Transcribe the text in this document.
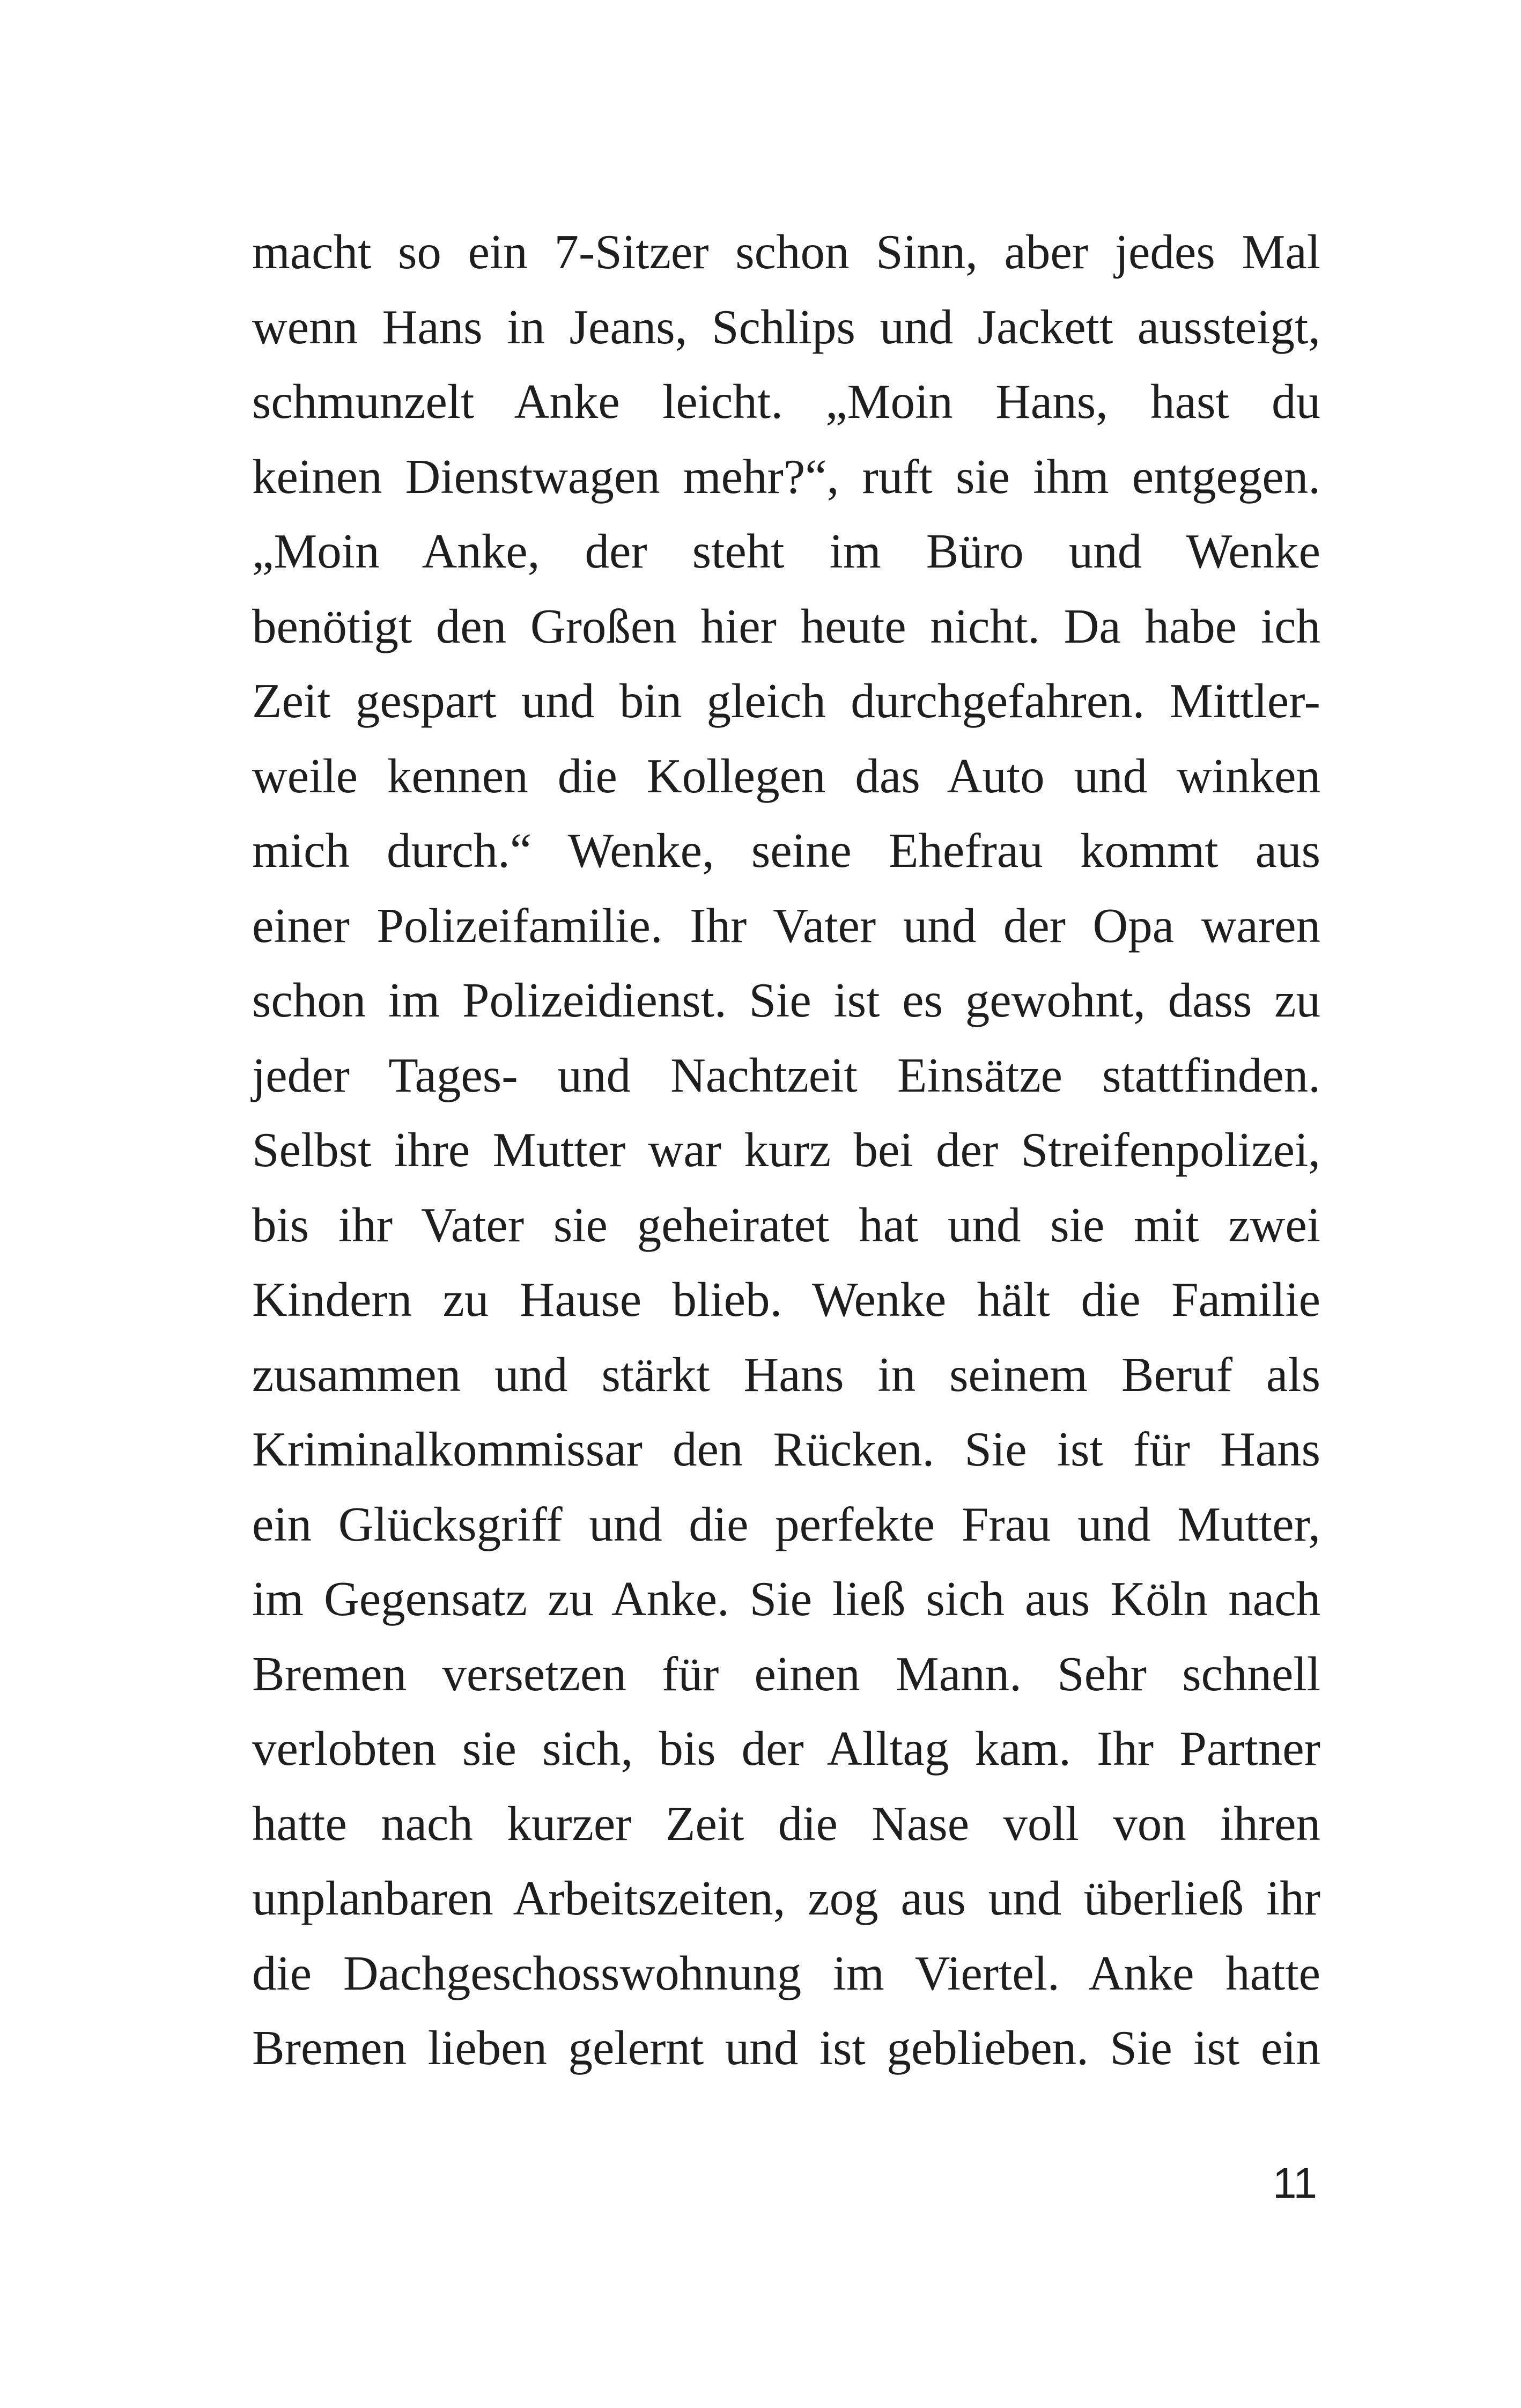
macht so ein 7-Sitzer schon Sinn, aber jedes Mal
wenn Hans in Jeans, Schlips und Jackett aussteigt,
schmunzelt Anke leicht. „Moin Hans, hast du
keinen Dienstwagen mehr?“, ruft sie ihm entgegen.
„Moin Anke, der steht im Büro und Wenke
benötigt den Großen hier heute nicht. Da habe ich
Zeit gespart und bin gleich durchgefahren. Mittler-
weile kennen die Kollegen das Auto und winken
mich durch.“ Wenke, seine Ehefrau kommt aus
einer Polizeifamilie. Ihr Vater und der Opa waren
schon im Polizeidienst. Sie ist es gewohnt, dass zu
jeder Tages- und Nachtzeit Einsätze stattfinden.
Selbst ihre Mutter war kurz bei der Streifenpolizei,
bis ihr Vater sie geheiratet hat und sie mit zwei
Kindern zu Hause blieb. Wenke hält die Familie
zusammen und stärkt Hans in seinem Beruf als
Kriminalkommissar den Rücken. Sie ist für Hans
ein Glücksgriff und die perfekte Frau und Mutter,
im Gegensatz zu Anke. Sie ließ sich aus Köln nach
Bremen versetzen für einen Mann. Sehr schnell
verlobten sie sich, bis der Alltag kam. Ihr Partner
hatte nach kurzer Zeit die Nase voll von ihren
unplanbaren Arbeitszeiten, zog aus und überließ ihr
die Dachgeschosswohnung im Viertel. Anke hatte
Bremen lieben gelernt und ist geblieben. Sie ist ein
11
